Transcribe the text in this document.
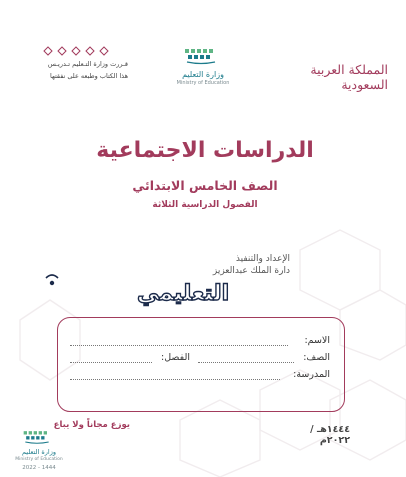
المملكة العربية السعودية
وزارة التعليم
Ministry of Education
قـررت وزارة التـعليم تـدريـس
هذا الكتاب وطبعه على نفقتها
الدراسات الاجتماعية
الصف الخامس الابتدائي
الفصول الدراسية الثلاثة
الإعداد والتنفيذ
دارة الملك عبدالعزيز
التعليمي
الاسم:
الصف:
الفصل:
المدرسة:
١٤٤٤هـ / ٢٠٢٢م
يوزع مجاناً ولا يباع
وزارة التعليم
Ministry of Education
2022 - 1444
